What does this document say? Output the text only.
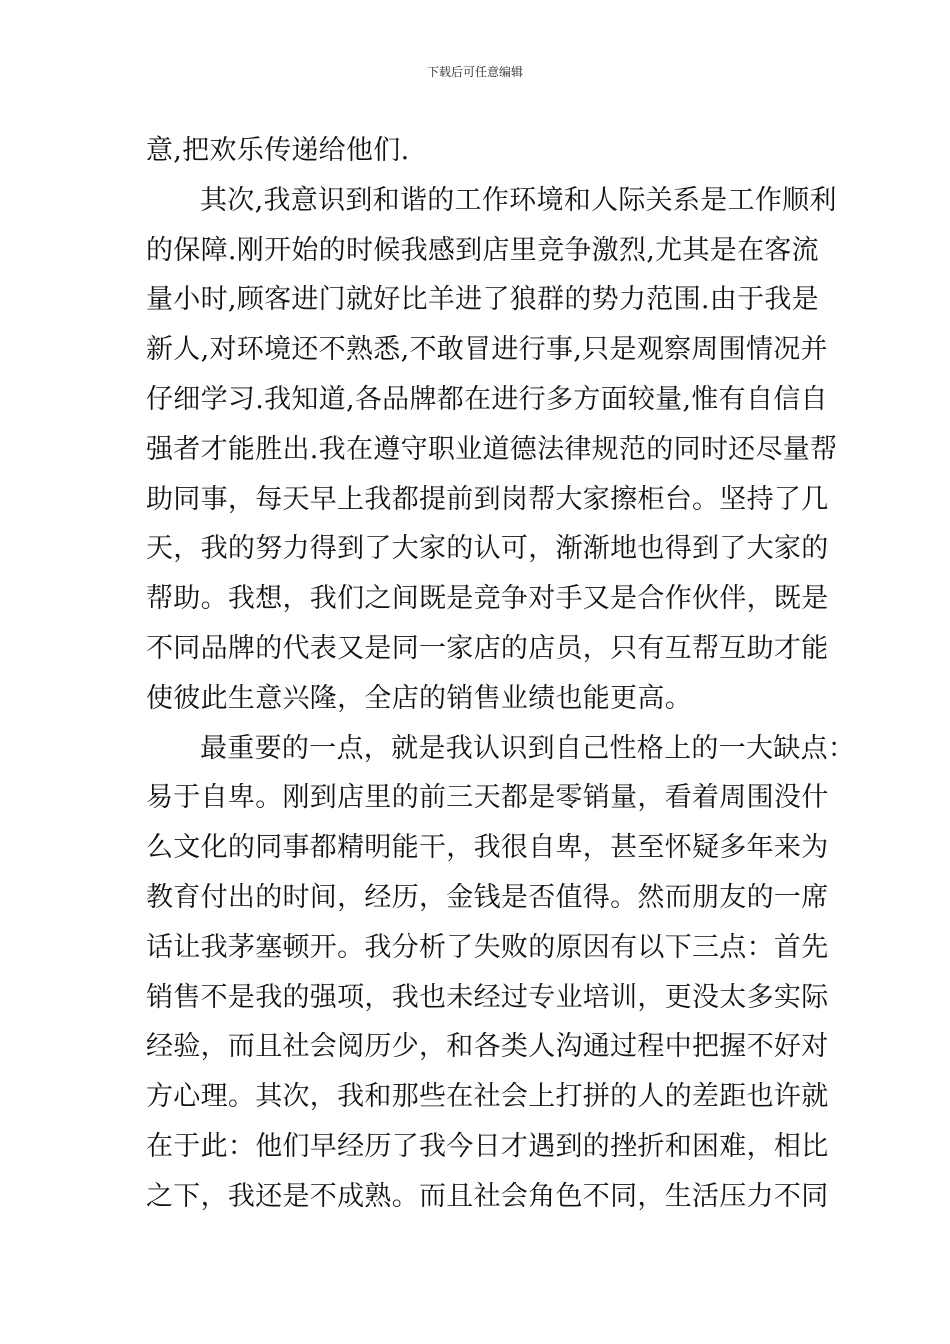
下载后可任意编辑
意,把欢乐传递给他们.
其次,我意识到和谐的工作环境和人际关系是工作顺利
的保障.刚开始的时候我感到店里竞争激烈,尤其是在客流
量小时,顾客进门就好比羊进了狼群的势力范围.由于我是
新人,对环境还不熟悉,不敢冒进行事,只是观察周围情况并
仔细学习.我知道,各品牌都在进行多方面较量,惟有自信自
强者才能胜出.我在遵守职业道德法律规范的同时还尽量帮
助同事，每天早上我都提前到岗帮大家擦柜台。坚持了几
天，我的努力得到了大家的认可，渐渐地也得到了大家的
帮助。我想，我们之间既是竞争对手又是合作伙伴，既是
不同品牌的代表又是同一家店的店员，只有互帮互助才能
使彼此生意兴隆，全店的销售业绩也能更高。
最重要的一点，就是我认识到自己性格上的一大缺点：
易于自卑。刚到店里的前三天都是零销量，看着周围没什
么文化的同事都精明能干，我很自卑，甚至怀疑多年来为
教育付出的时间，经历，金钱是否值得。然而朋友的一席
话让我茅塞顿开。我分析了失败的原因有以下三点：首先
销售不是我的强项，我也未经过专业培训，更没太多实际
经验，而且社会阅历少，和各类人沟通过程中把握不好对
方心理。其次，我和那些在社会上打拼的人的差距也许就
在于此：他们早经历了我今日才遇到的挫折和困难，相比
之下，我还是不成熟。而且社会角色不同，生活压力不同
